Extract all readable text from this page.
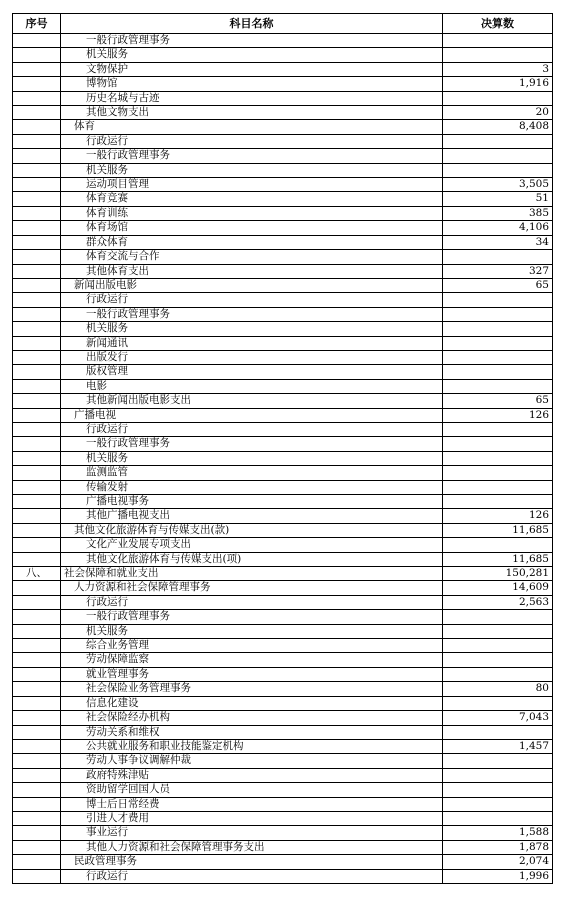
序号	科目名称	决算数
	一般行政管理事务	
	机关服务	
	文物保护	3
	博物馆	1,916
	历史名城与古迹	
	其他文物支出	20
	体育	8,408
	行政运行	
	一般行政管理事务	
	机关服务	
	运动项目管理	3,505
	体育竞赛	51
	体育训练	385
	体育场馆	4,106
	群众体育	34
	体育交流与合作	
	其他体育支出	327
	新闻出版电影	65
	行政运行	
	一般行政管理事务	
	机关服务	
	新闻通讯	
	出版发行	
	版权管理	
	电影	
	其他新闻出版电影支出	65
	广播电视	126
	行政运行	
	一般行政管理事务	
	机关服务	
	监测监管	
	传输发射	
	广播电视事务	
	其他广播电视支出	126
	其他文化旅游体育与传媒支出(款)	11,685
	文化产业发展专项支出	
	其他文化旅游体育与传媒支出(项)	11,685
八、	社会保障和就业支出	150,281
	人力资源和社会保障管理事务	14,609
	行政运行	2,563
	一般行政管理事务	
	机关服务	
	综合业务管理	
	劳动保障监察	
	就业管理事务	
	社会保险业务管理事务	80
	信息化建设	
	社会保险经办机构	7,043
	劳动关系和维权	
	公共就业服务和职业技能鉴定机构	1,457
	劳动人事争议调解仲裁	
	政府特殊津贴	
	资助留学回国人员	
	博士后日常经费	
	引进人才费用	
	事业运行	1,588
	其他人力资源和社会保障管理事务支出	1,878
	民政管理事务	2,074
	行政运行	1,996
